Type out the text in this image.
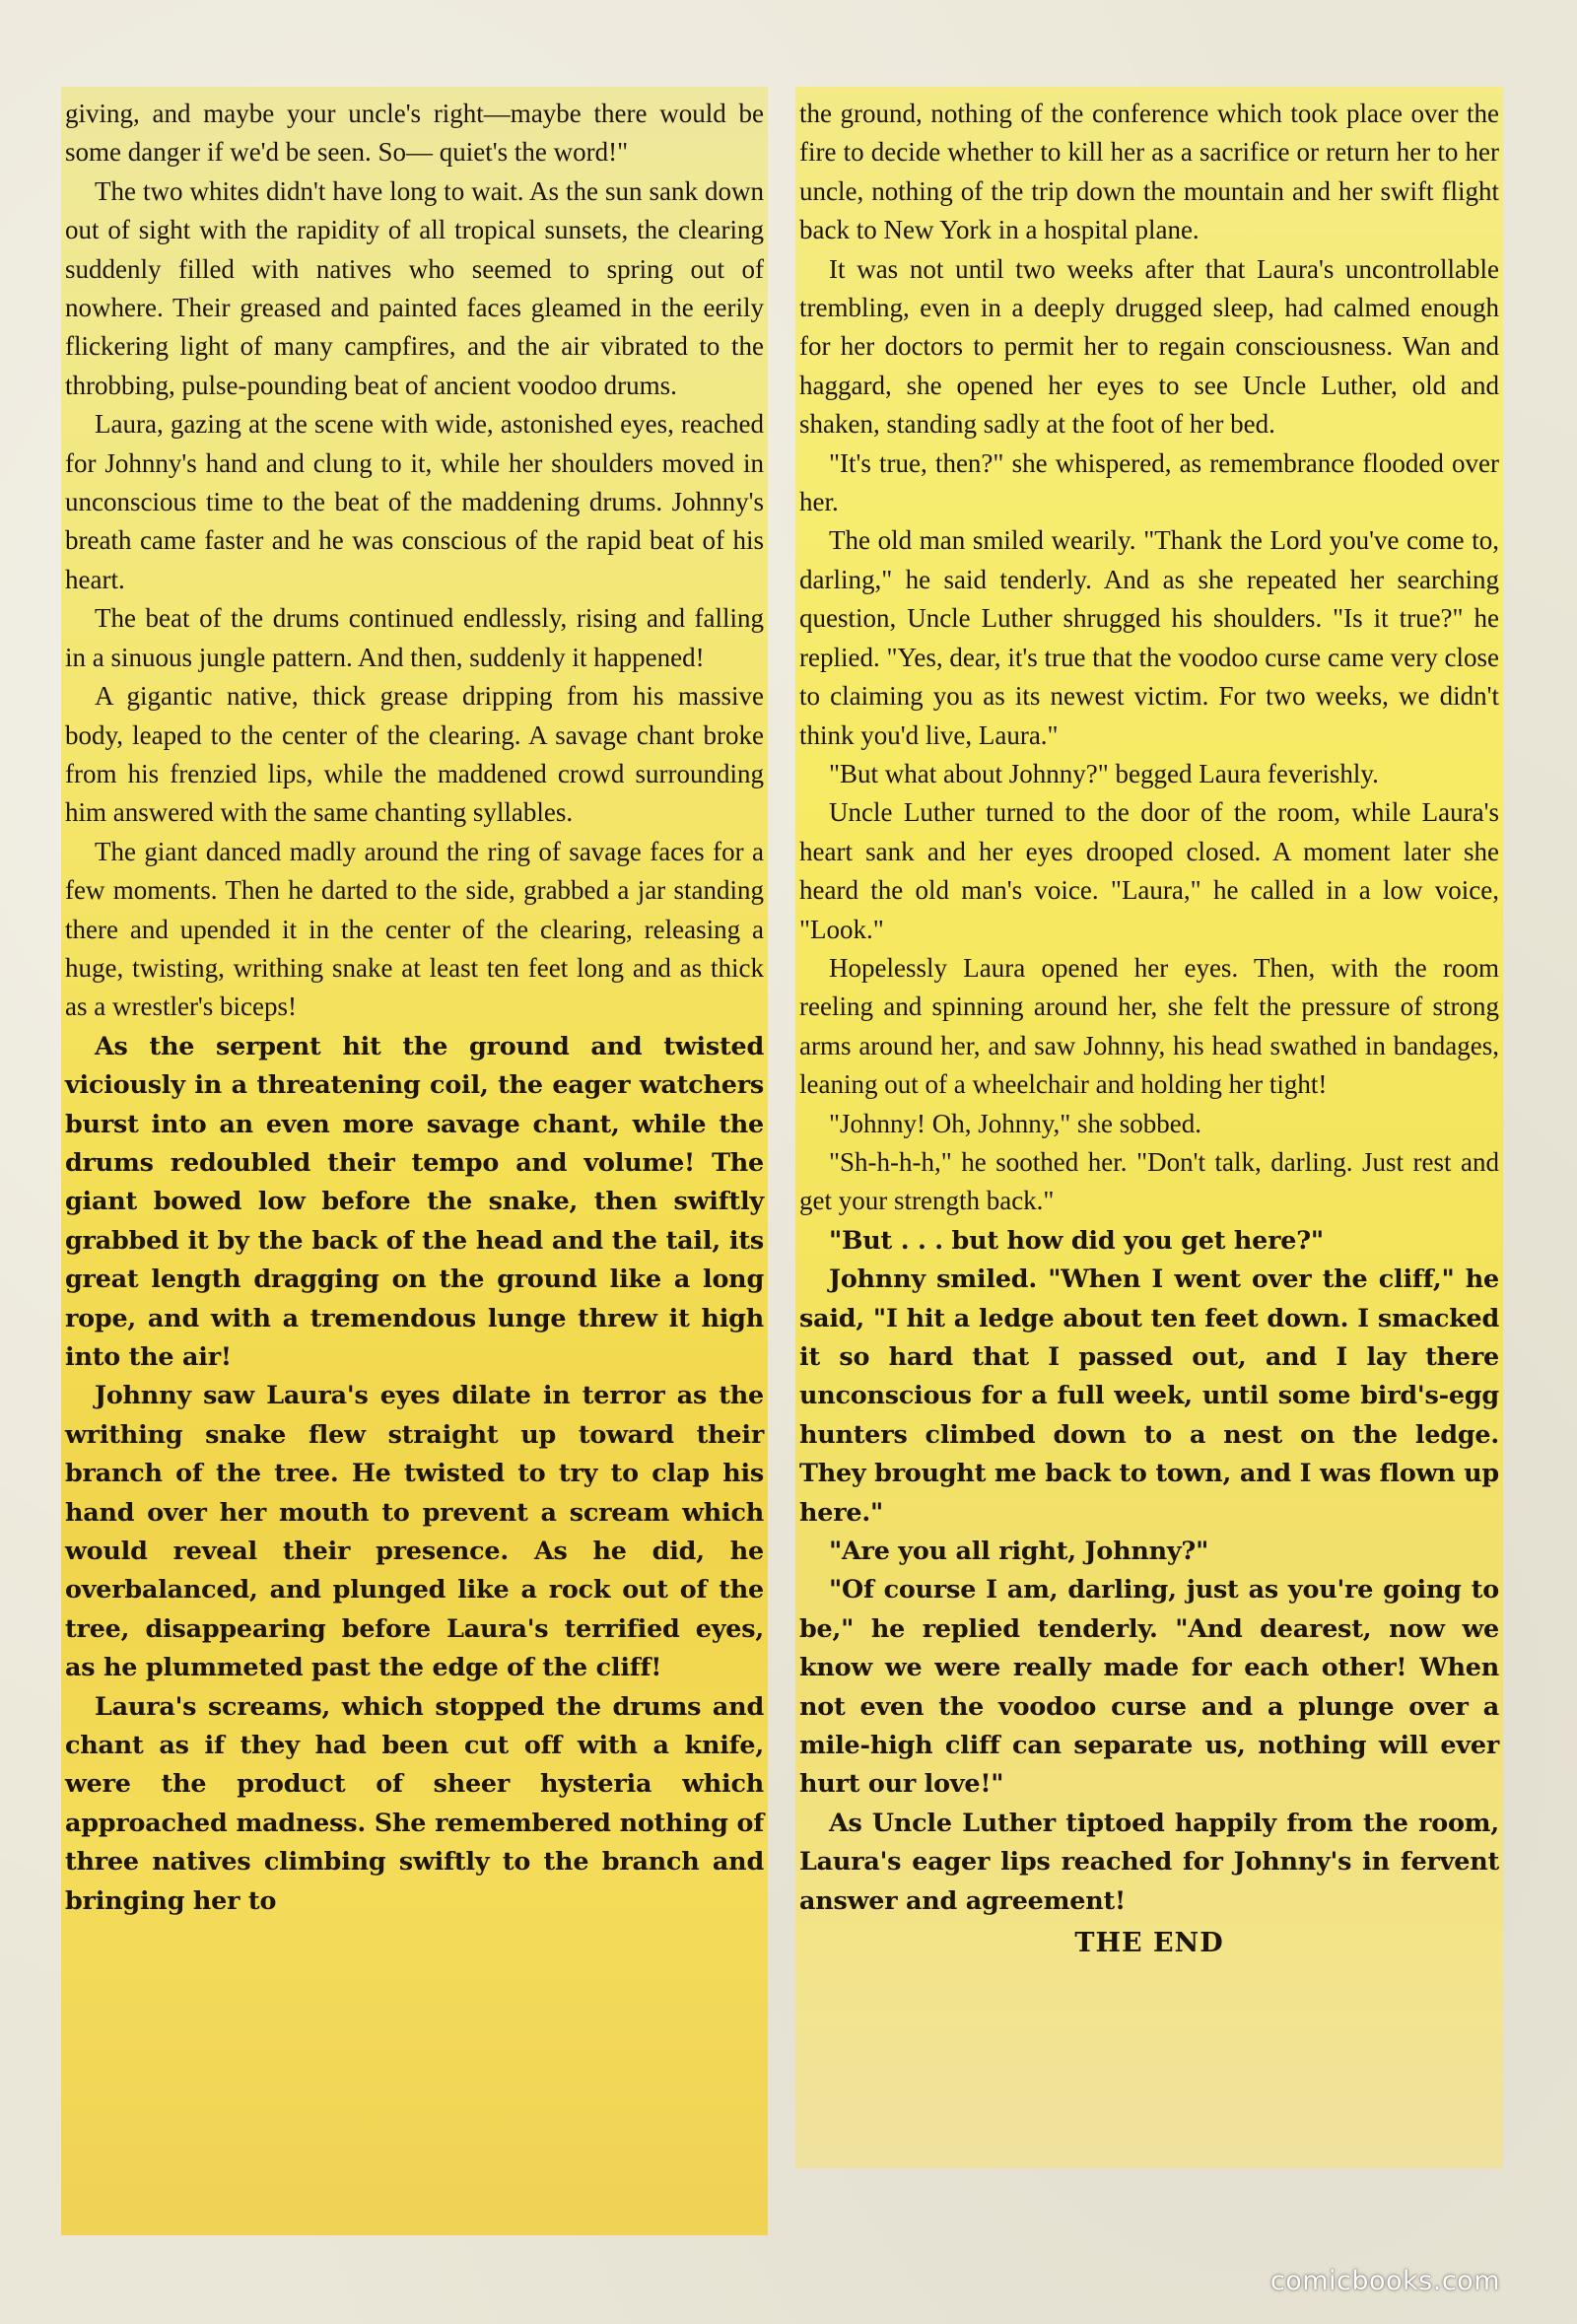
giving, and maybe your uncle's right—maybe there would be some danger if we'd be seen. So— quiet's the word!"

The two whites didn't have long to wait. As the sun sank down out of sight with the rapidity of all tropical sunsets, the clearing suddenly filled with natives who seemed to spring out of nowhere. Their greased and painted faces gleamed in the eerily flickering light of many campfires, and the air vibrated to the throbbing, pulse-pounding beat of ancient voodoo drums.

Laura, gazing at the scene with wide, astonished eyes, reached for Johnny's hand and clung to it, while her shoulders moved in unconscious time to the beat of the maddening drums. Johnny's breath came faster and he was conscious of the rapid beat of his heart.

The beat of the drums continued endlessly, rising and falling in a sinuous jungle pattern. And then, suddenly it happened!

A gigantic native, thick grease dripping from his massive body, leaped to the center of the clearing. A savage chant broke from his frenzied lips, while the maddened crowd surrounding him answered with the same chanting syllables.

The giant danced madly around the ring of savage faces for a few moments. Then he darted to the side, grabbed a jar standing there and upended it in the center of the clearing, releasing a huge, twisting, writhing snake at least ten feet long and as thick as a wrestler's biceps!

As the serpent hit the ground and twisted viciously in a threatening coil, the eager watchers burst into an even more savage chant, while the drums redoubled their tempo and volume! The giant bowed low before the snake, then swiftly grabbed it by the back of the head and the tail, its great length dragging on the ground like a long rope, and with a tremendous lunge threw it high into the air!

Johnny saw Laura's eyes dilate in terror as the writhing snake flew straight up toward their branch of the tree. He twisted to try to clap his hand over her mouth to prevent a scream which would reveal their presence. As he did, he overbalanced, and plunged like a rock out of the tree, disappearing before Laura's terrified eyes, as he plummeted past the edge of the cliff!

Laura's screams, which stopped the drums and chant as if they had been cut off with a knife, were the product of sheer hysteria which approached madness. She remembered nothing of three natives climbing swiftly to the branch and bringing her to

the ground, nothing of the conference which took place over the fire to decide whether to kill her as a sacrifice or return her to her uncle, nothing of the trip down the mountain and her swift flight back to New York in a hospital plane.

It was not until two weeks after that Laura's uncontrollable trembling, even in a deeply drugged sleep, had calmed enough for her doctors to permit her to regain consciousness. Wan and haggard, she opened her eyes to see Uncle Luther, old and shaken, standing sadly at the foot of her bed.

"It's true, then?" she whispered, as remembrance flooded over her.

The old man smiled wearily. "Thank the Lord you've come to, darling," he said tenderly. And as she repeated her searching question, Uncle Luther shrugged his shoulders. "Is it true?" he replied. "Yes, dear, it's true that the voodoo curse came very close to claiming you as its newest victim. For two weeks, we didn't think you'd live, Laura."

"But what about Johnny?" begged Laura feverishly.

Uncle Luther turned to the door of the room, while Laura's heart sank and her eyes drooped closed. A moment later she heard the old man's voice. "Laura," he called in a low voice, "Look."

Hopelessly Laura opened her eyes. Then, with the room reeling and spinning around her, she felt the pressure of strong arms around her, and saw Johnny, his head swathed in bandages, leaning out of a wheelchair and holding her tight!

"Johnny! Oh, Johnny," she sobbed.

"Sh-h-h-h," he soothed her. "Don't talk, darling. Just rest and get your strength back."

"But . . . but how did you get here?"

Johnny smiled. "When I went over the cliff," he said, "I hit a ledge about ten feet down. I smacked it so hard that I passed out, and I lay there unconscious for a full week, until some bird's-egg hunters climbed down to a nest on the ledge. They brought me back to town, and I was flown up here."

"Are you all right, Johnny?"

"Of course I am, darling, just as you're going to be," he replied tenderly. "And dearest, now we know we were really made for each other! When not even the voodoo curse and a plunge over a mile-high cliff can separate us, nothing will ever hurt our love!"

As Uncle Luther tiptoed happily from the room, Laura's eager lips reached for Johnny's in fervent answer and agreement!

THE END
comicbooks.com
